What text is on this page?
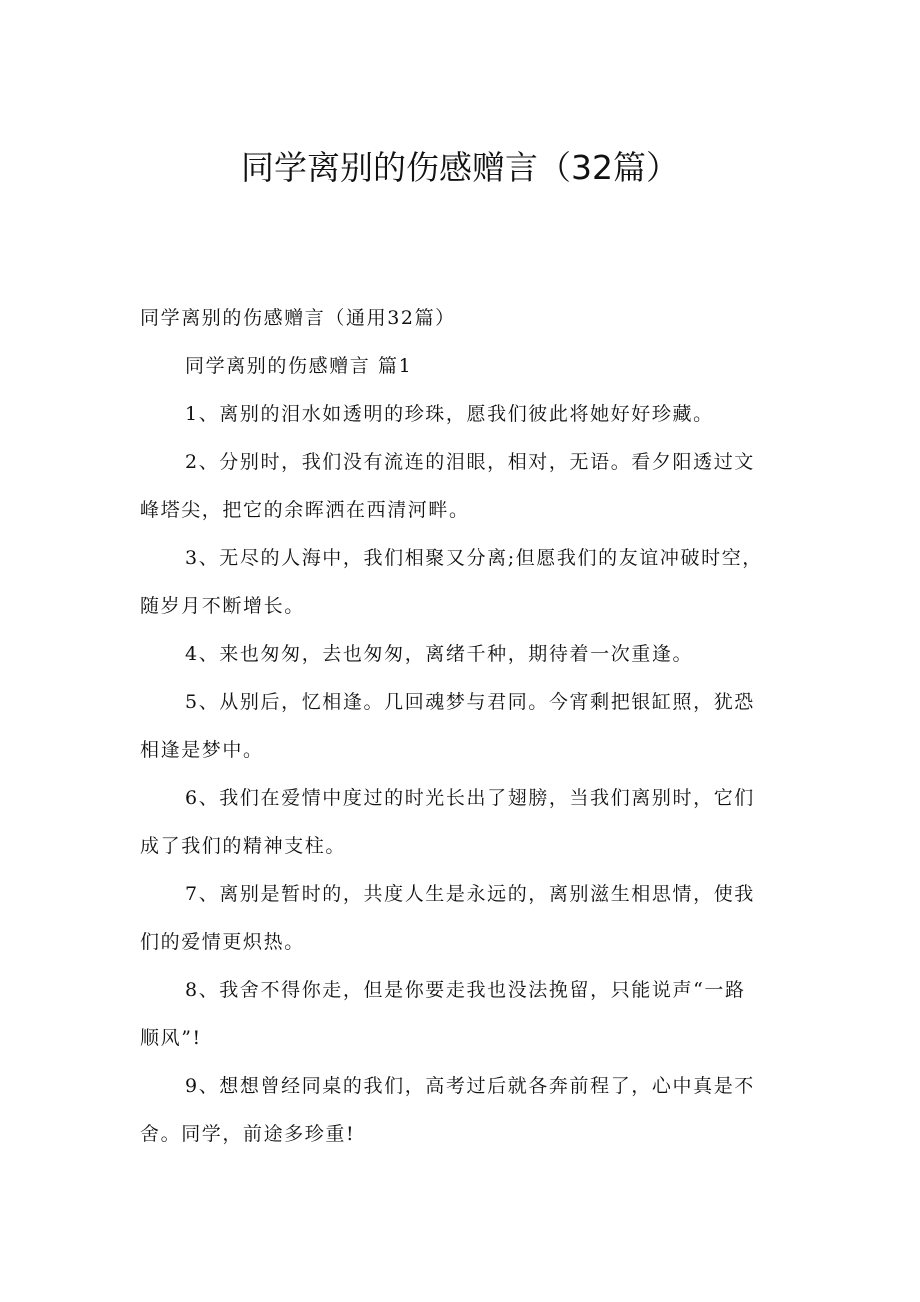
同学离别的伤感赠言（32篇）
同学离别的伤感赠言（通用32篇）
同学离别的伤感赠言 篇1
1、离别的泪水如透明的珍珠，愿我们彼此将她好好珍藏。
2、分别时，我们没有流连的泪眼，相对，无语。看夕阳透过文
峰塔尖，把它的余晖洒在西清河畔。
3、无尽的人海中，我们相聚又分离;但愿我们的友谊冲破时空，
随岁月不断增长。
4、来也匆匆，去也匆匆，离绪千种，期待着一次重逢。
5、从别后，忆相逢。几回魂梦与君同。今宵剩把银缸照，犹恐
相逢是梦中。
6、我们在爱情中度过的时光长出了翅膀，当我们离别时，它们
成了我们的精神支柱。
7、离别是暂时的，共度人生是永远的，离别滋生相思情，使我
们的爱情更炽热。
8、我舍不得你走，但是你要走我也没法挽留，只能说声“一路
顺风”!
9、想想曾经同桌的我们，高考过后就各奔前程了，心中真是不
舍。同学，前途多珍重!
